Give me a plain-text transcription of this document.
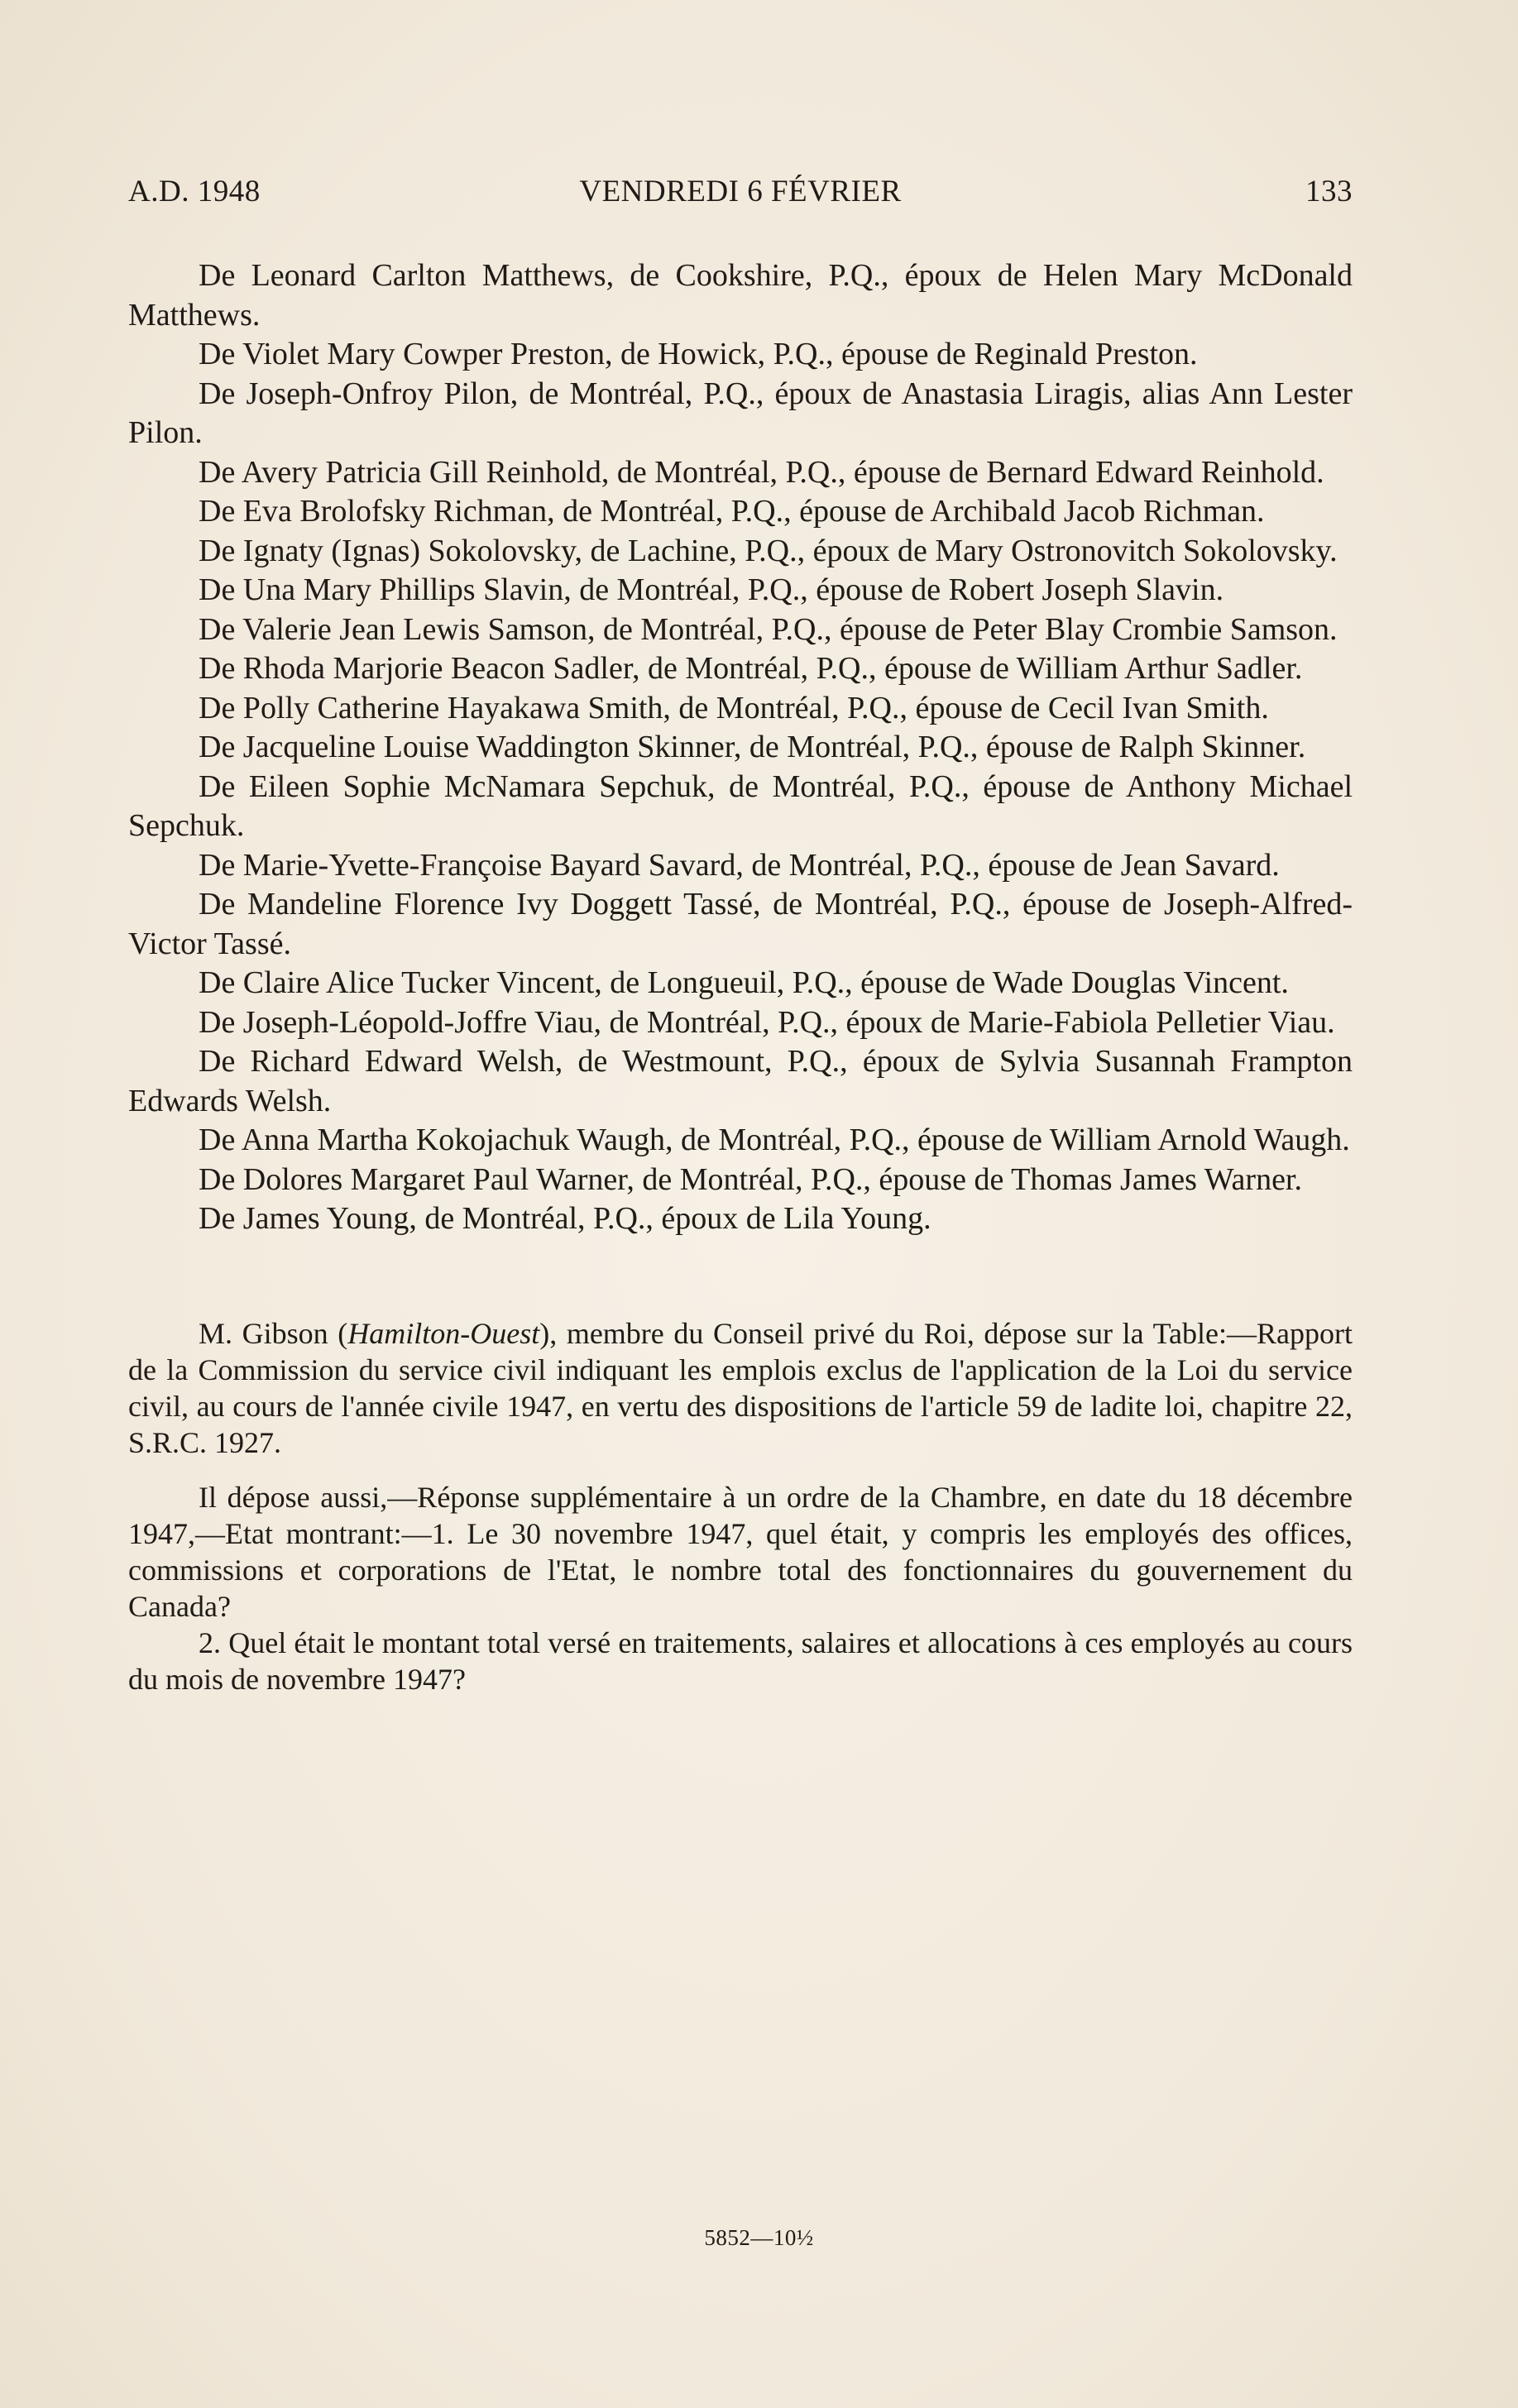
A.D. 1948	VENDREDI 6 FÉVRIER	133

De Leonard Carlton Matthews, de Cookshire, P.Q., époux de Helen Mary McDonald Matthews.

De Violet Mary Cowper Preston, de Howick, P.Q., épouse de Reginald Preston.

De Joseph-Onfroy Pilon, de Montréal, P.Q., époux de Anastasia Liragis, alias Ann Lester Pilon.

De Avery Patricia Gill Reinhold, de Montréal, P.Q., épouse de Bernard Edward Reinhold.

De Eva Brolofsky Richman, de Montréal, P.Q., épouse de Archibald Jacob Richman.

De Ignaty (Ignas) Sokolovsky, de Lachine, P.Q., époux de Mary Ostronovitch Sokolovsky.

De Una Mary Phillips Slavin, de Montréal, P.Q., épouse de Robert Joseph Slavin.

De Valerie Jean Lewis Samson, de Montréal, P.Q., épouse de Peter Blay Crombie Samson.

De Rhoda Marjorie Beacon Sadler, de Montréal, P.Q., épouse de William Arthur Sadler.

De Polly Catherine Hayakawa Smith, de Montréal, P.Q., épouse de Cecil Ivan Smith.

De Jacqueline Louise Waddington Skinner, de Montréal, P.Q., épouse de Ralph Skinner.

De Eileen Sophie McNamara Sepchuk, de Montréal, P.Q., épouse de Anthony Michael Sepchuk.

De Marie-Yvette-Françoise Bayard Savard, de Montréal, P.Q., épouse de Jean Savard.

De Mandeline Florence Ivy Doggett Tassé, de Montréal, P.Q., épouse de Joseph-Alfred-Victor Tassé.

De Claire Alice Tucker Vincent, de Longueuil, P.Q., épouse de Wade Douglas Vincent.

De Joseph-Léopold-Joffre Viau, de Montréal, P.Q., époux de Marie-Fabiola Pelletier Viau.

De Richard Edward Welsh, de Westmount, P.Q., époux de Sylvia Susannah Frampton Edwards Welsh.

De Anna Martha Kokojachuk Waugh, de Montréal, P.Q., épouse de William Arnold Waugh.

De Dolores Margaret Paul Warner, de Montréal, P.Q., épouse de Thomas James Warner.

De James Young, de Montréal, P.Q., époux de Lila Young.

M. Gibson (Hamilton-Ouest), membre du Conseil privé du Roi, dépose sur la Table:—Rapport de la Commission du service civil indiquant les emplois exclus de l'application de la Loi du service civil, au cours de l'année civile 1947, en vertu des dispositions de l'article 59 de ladite loi, chapitre 22, S.R.C. 1927.

Il dépose aussi,—Réponse supplémentaire à un ordre de la Chambre, en date du 18 décembre 1947,—Etat montrant:—1. Le 30 novembre 1947, quel était, y compris les employés des offices, commissions et corporations de l'Etat, le nombre total des fonctionnaires du gouvernement du Canada?

2. Quel était le montant total versé en traitements, salaires et allocations à ces employés au cours du mois de novembre 1947?

5852—10½
